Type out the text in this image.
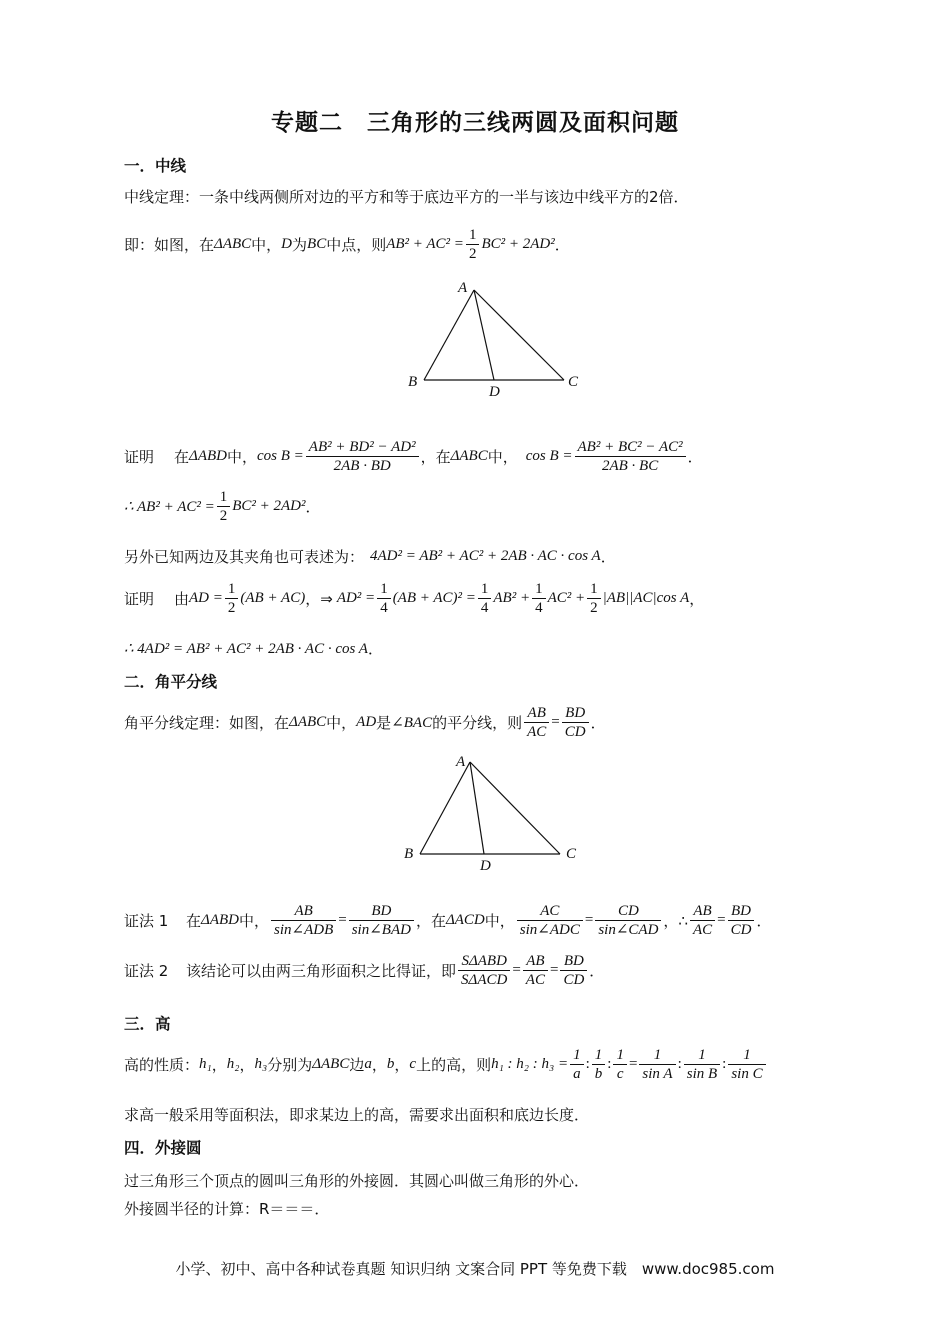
专题二　三角形的三线两圆及面积问题
一．中线
中线定理：一条中线两侧所对边的平方和等于底边平方的一半与该边中线平方的2倍．
即：如图，在 ΔABC 中， D 为 BC 中点，则 $AB^2 + AC^2 = \frac{1}{2} BC^2 + 2AD^2$ ．
A
B	C
D
证明	在 ΔABD 中， $\cos B = \frac{\text{AB² + BD² − AD²}}{2AB \cdot BD}$ ，在 ΔABC 中， $\cos B = \frac{\text{AB² + BC² − AC²}}{2AB \cdot BC}$ ．
∴ $AB^2 + AC^2 = \frac{1}{2} BC^2 + 2AD^2$ ．
另外已知两边及其夹角也可表述为： 4AD² = AB² + AC² + 2AB · AC · cos A ．
证明	由 AD = $\frac{1}{2} (AB + AC)$ ，⇒ $AD^2 = \frac{1}{4} (AB + AC)^2 = \frac{1}{4} AB^2 + \frac{1}{4} AC^2 + \frac{1}{2} |AB||AC|\cos$ A ，
∴ 4AD² = AB² + AC² + 2AB · AC · cos A ．
二．角平分线
角平分线定理：如图，在 ΔABC 中， AD 是 ∠BAC 的平分线，则 $\frac{AB}{AC} = \frac{BD}{CD}$ ．
A
B	C
D
证法 1	在 ΔABD 中， $\frac{AB}{\text{sin∠ADB}} = \frac{BD}{\text{sin∠BAD}}$ ，在 ΔACD 中， $\frac{AC}{\text{sin∠ADC}} = \frac{CD}{\text{sin∠CAD}}$ ，∴ $\frac{AB}{AC} = \frac{BD}{CD}$ ．
证法 2	该结论可以由两三角形面积之比得证，即 $\frac{\text{SΔABD}}{\text{SΔACD}} = \frac{AB}{AC} = \frac{BD}{CD}$ ．
三．高
高的性质： h₁ ， h₂ ， h₃ 分别为 ΔABC 边 a ， b ， c 上的高，则 h₁ : h₂ : $h_3 = \frac{1}{a}$ : $\frac{1}{b}$ : $\frac{1}{c} = \frac{1}{\text{sin A}}$ : $\frac{1}{\text{sin B}}$ : $\frac{1}{\text{sin C}}$
求高一般采用等面积法，即求某边上的高，需要求出面积和底边长度．
四．外接圆
过三角形三个顶点的圆叫三角形的外接圆．其圆心叫做三角形的外心．
外接圆半径的计算：R＝＝＝．
小学、初中、高中各种试卷真题 知识归纳 文案合同 PPT 等免费下载　www.doc985.com
